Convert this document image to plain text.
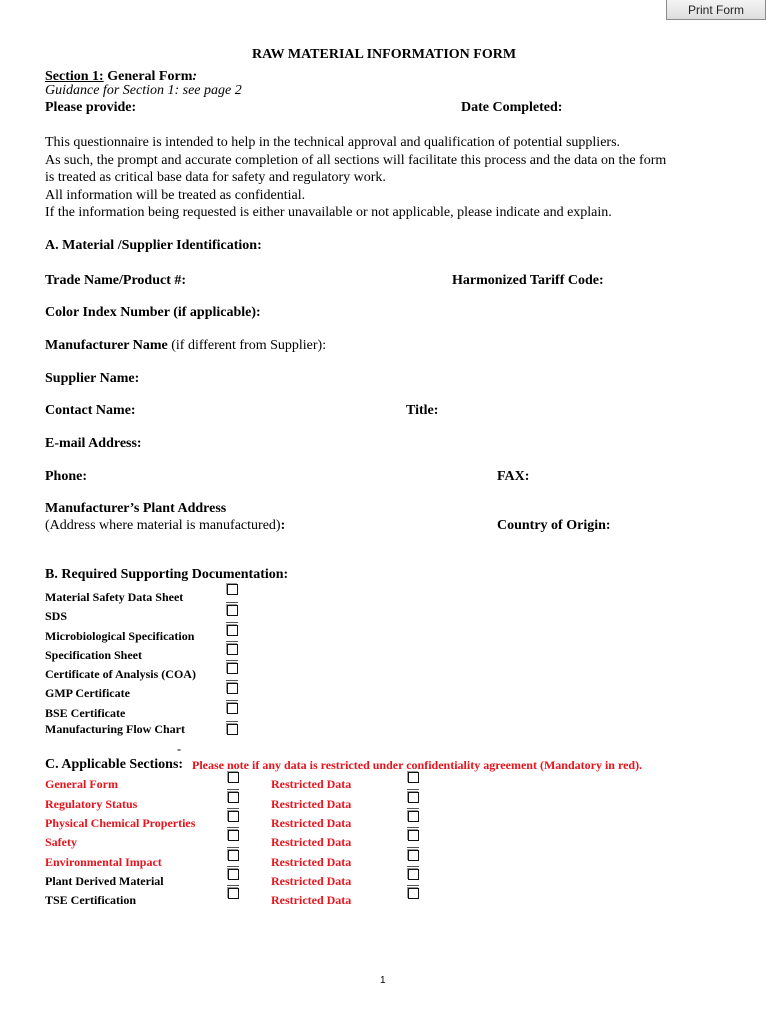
Print Form
RAW MATERIAL INFORMATION FORM
Section 1: General Form:
Guidance for Section 1: see page 2
Please provide:	Date Completed:
This questionnaire is intended to help in the technical approval and qualification of potential suppliers.
As such, the prompt and accurate completion of all sections will facilitate this process and the data on the form
is treated as critical base data for safety and regulatory work.
All information will be treated as confidential.
If the information being requested is either unavailable or not applicable, please indicate and explain.
A. Material /Supplier Identification:
Trade Name/Product #:	Harmonized Tariff Code:
Color Index Number (if applicable):
Manufacturer Name (if different from Supplier):
Supplier Name:
Contact Name:	Title:
E-mail Address:
Phone:	FAX:
Manufacturer’s Plant Address
(Address where material is manufactured):	Country of Origin:
B. Required Supporting Documentation:
Material Safety Data Sheet
SDS
Microbiological Specification
Specification Sheet
Certificate of Analysis (COA)
GMP Certificate
BSE Certificate
Manufacturing Flow Chart
-
C. Applicable Sections: Please note if any data is restricted under confidentiality agreement (Mandatory in red).
General Form	Restricted Data
Regulatory Status	Restricted Data
Physical Chemical Properties	Restricted Data
Safety	Restricted Data
Environmental Impact	Restricted Data
Plant Derived Material	Restricted Data
TSE Certification	Restricted Data
1
